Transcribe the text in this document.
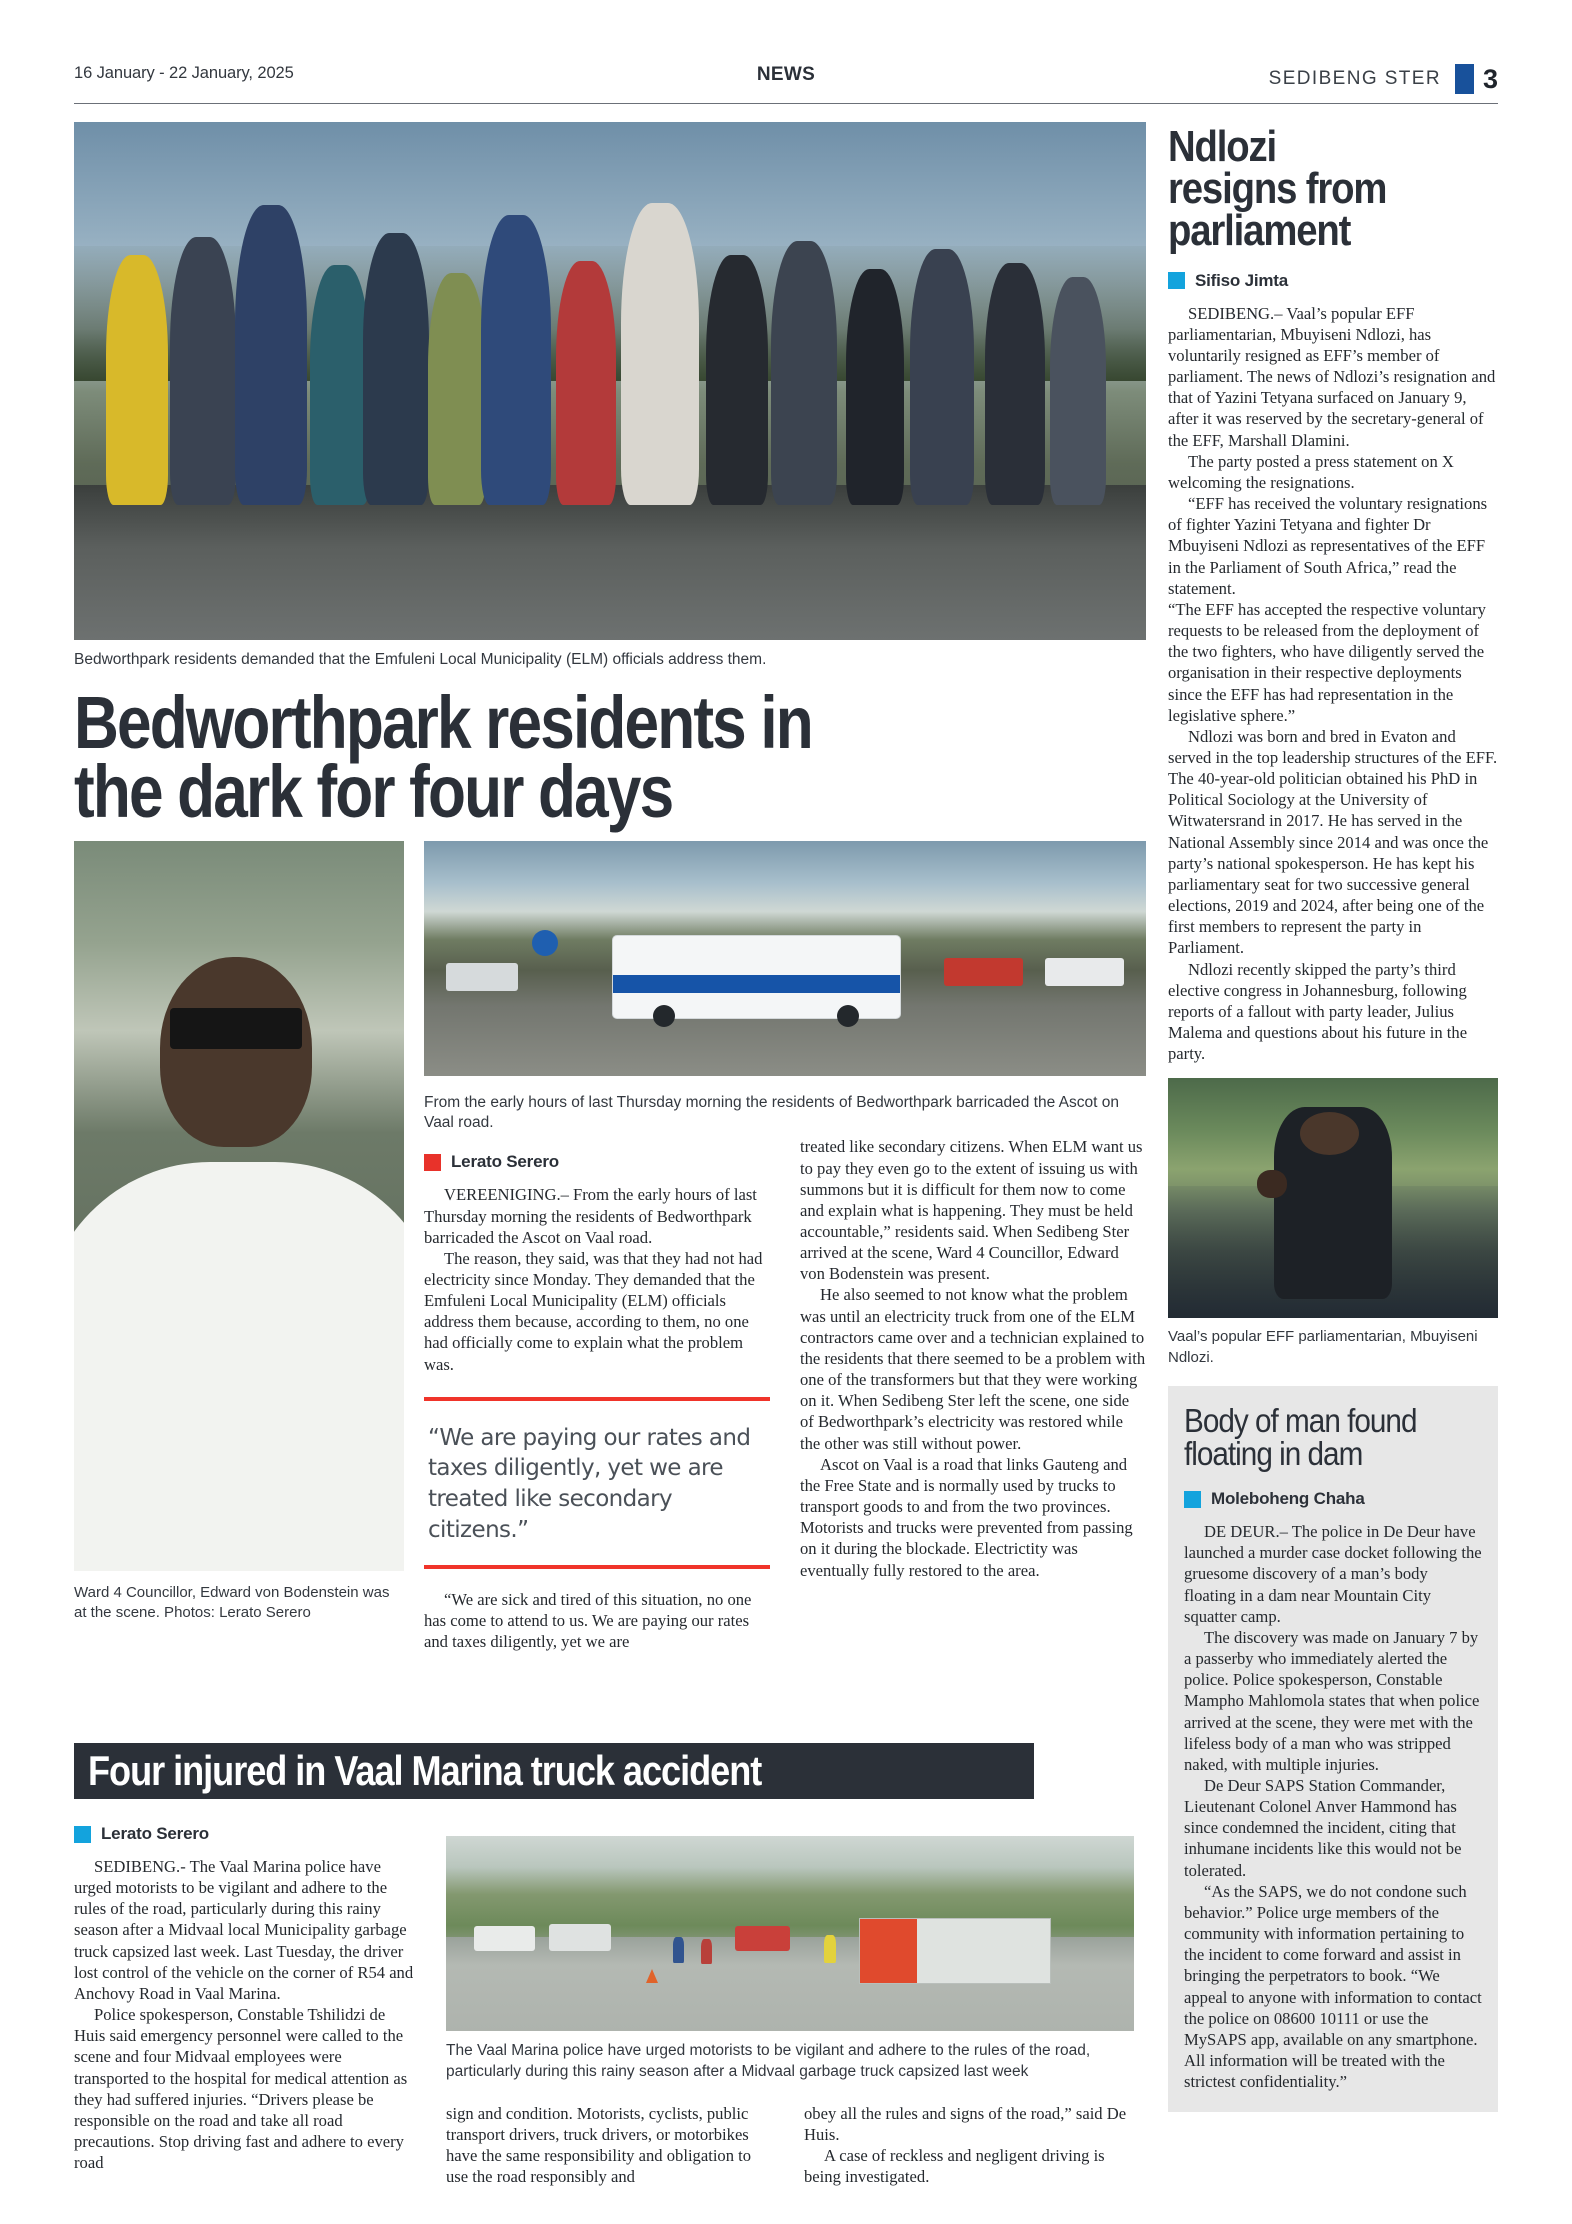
16 January - 22 January, 2025	NEWS	SEDIBENG STER 3
Bedworthpark residents demanded that the Emfuleni Local Municipality (ELM) officials address them.
Bedworthpark residents in
the dark for four days
From the early hours of last Thursday morning the residents of Bedworthpark barricaded the Ascot on Vaal road.
Lerato Serero

VEREENIGING.– From the early hours of last Thursday morning the residents of Bedworthpark barricaded the Ascot on Vaal road.

The reason, they said, was that they had not had electricity since Monday. They demanded that the Emfuleni Local Municipality (ELM) officials address them because, according to them, no one had officially come to explain what the problem was.

“We are paying our rates and taxes diligently, yet we are treated like secondary citizens.”

“We are sick and tired of this situation, no one has come to attend to us. We are paying our rates and taxes diligently, yet we are

treated like secondary citizens. When ELM want us to pay they even go to the extent of issuing us with summons but it is difficult for them now to come and explain what is happening. They must be held accountable,” residents said. When Sedibeng Ster arrived at the scene, Ward 4 Councillor, Edward von Bodenstein was present.

He also seemed to not know what the problem was until an electricity truck from one of the ELM contractors came over and a technician explained to the residents that there seemed to be a problem with one of the transformers but that they were working on it. When Sedibeng Ster left the scene, one side of Bedworthpark’s electricity was restored while the other was still without power.

Ascot on Vaal is a road that links Gauteng and the Free State and is normally used by trucks to transport goods to and from the two provinces. Motorists and trucks were prevented from passing on it during the blockade. Electrictity was eventually fully restored to the area.

Ward 4 Councillor, Edward von Bodenstein was at the scene. Photos: Lerato Serero
Four injured in Vaal Marina truck accident
Lerato Serero

SEDIBENG.- The Vaal Marina police have urged motorists to be vigilant and adhere to the rules of the road, particularly during this rainy season after a Midvaal local Municipality garbage truck capsized last week. Last Tuesday, the driver lost control of the vehicle on the corner of R54 and Anchovy Road in Vaal Marina.

Police spokesperson, Constable Tshilidzi de Huis said emergency personnel were called to the scene and four Midvaal employees were transported to the hospital for medical attention as they had suffered injuries. “Drivers please be responsible on the road and take all road precautions. Stop driving fast and adhere to every road

The Vaal Marina police have urged motorists to be vigilant and adhere to the rules of the road, particularly during this rainy season after a Midvaal garbage truck capsized last week

sign and condition. Motorists, cyclists, public transport drivers, truck drivers, or motorbikes have the same responsibility and obligation to use the road responsibly and

obey all the rules and signs of the road,” said De Huis.

A case of reckless and negligent driving is being investigated.

Ndlozi
resigns from
parliament
Sifiso Jimta

SEDIBENG.– Vaal’s popular EFF parliamentarian, Mbuyiseni Ndlozi, has voluntarily resigned as EFF’s member of parliament. The news of Ndlozi’s resignation and that of Yazini Tetyana surfaced on January 9, after it was reserved by the secretary-general of the EFF, Marshall Dlamini.

The party posted a press statement on X welcoming the resignations.

“EFF has received the voluntary resignations of fighter Yazini Tetyana and fighter Dr Mbuyiseni Ndlozi as representatives of the EFF in the Parliament of South Africa,” read the statement.

“The EFF has accepted the respective voluntary requests to be released from the deployment of the two fighters, who have diligently served the organisation in their respective deployments since the EFF has had representation in the legislative sphere.”

Ndlozi was born and bred in Evaton and served in the top leadership structures of the EFF. The 40-year-old politician obtained his PhD in Political Sociology at the University of Witwatersrand in 2017. He has served in the National Assembly since 2014 and was once the party’s national spokesperson. He has kept his parliamentary seat for two successive general elections, 2019 and 2024, after being one of the first members to represent the party in Parliament.

Ndlozi recently skipped the party’s third elective congress in Johannesburg, following reports of a fallout with party leader, Julius Malema and questions about his future in the party.

Vaal’s popular EFF parliamentarian, Mbuyiseni Ndlozi.
Body of man found
floating in dam
Moleboheng Chaha

DE DEUR.– The police in De Deur have launched a murder case docket following the gruesome discovery of a man’s body floating in a dam near Mountain City squatter camp.

The discovery was made on January 7 by a passerby who immediately alerted the police. Police spokesperson, Constable Mampho Mahlomola states that when police arrived at the scene, they were met with the lifeless body of a man who was stripped naked, with multiple injuries.

De Deur SAPS Station Commander, Lieutenant Colonel Anver Hammond has since condemned the incident, citing that inhumane incidents like this would not be tolerated.

“As the SAPS, we do not condone such behavior.” Police urge members of the community with information pertaining to the incident to come forward and assist in bringing the perpetrators to book. “We appeal to anyone with information to contact the police on 08600 10111 or use the MySAPS app, available on any smartphone. All information will be treated with the strictest confidentiality.”
